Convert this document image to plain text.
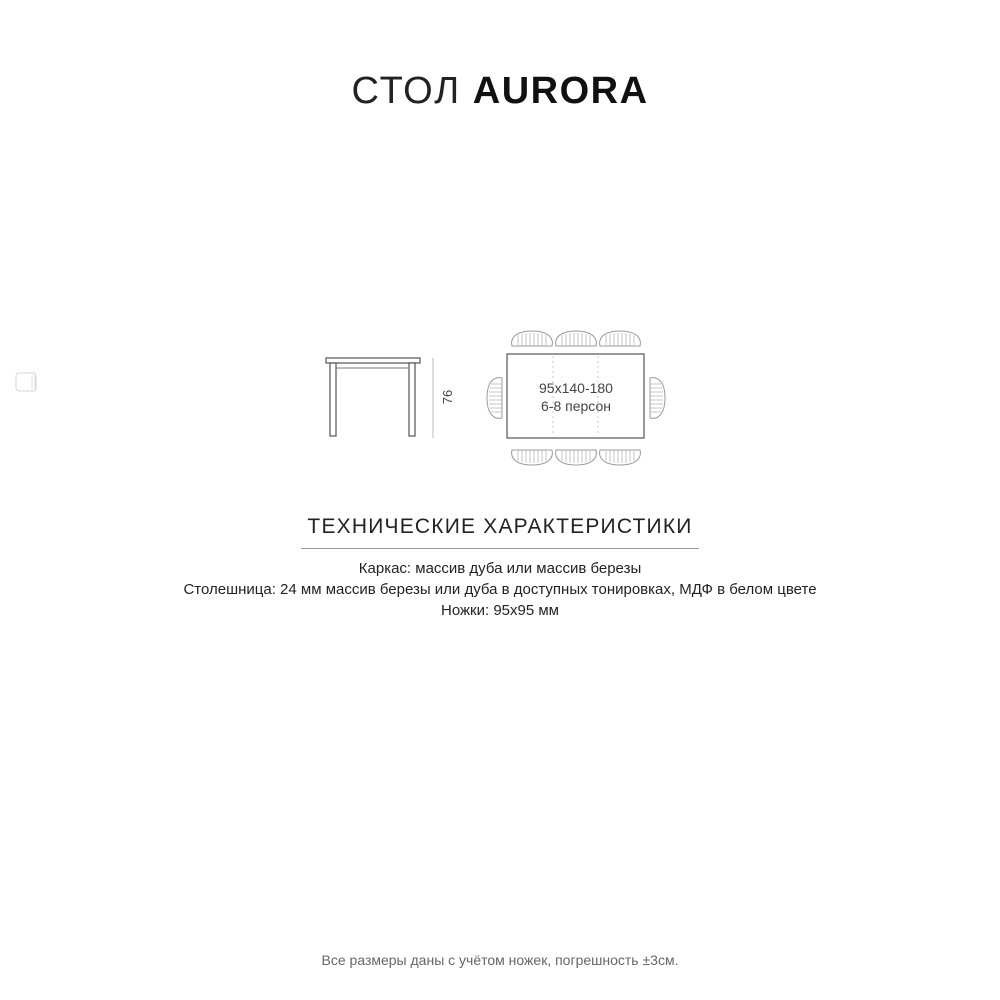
СТОЛ AURORA
76
95x140-180
6-8 персон
ТЕХНИЧЕСКИЕ ХАРАКТЕРИСТИКИ
Каркас: массив дуба или массив березы
Столешница: 24 мм массив березы или дуба в доступных тонировках, МДФ в белом цвете
Ножки: 95x95 мм
Все размеры даны с учётом ножек, погрешность ±3см.
